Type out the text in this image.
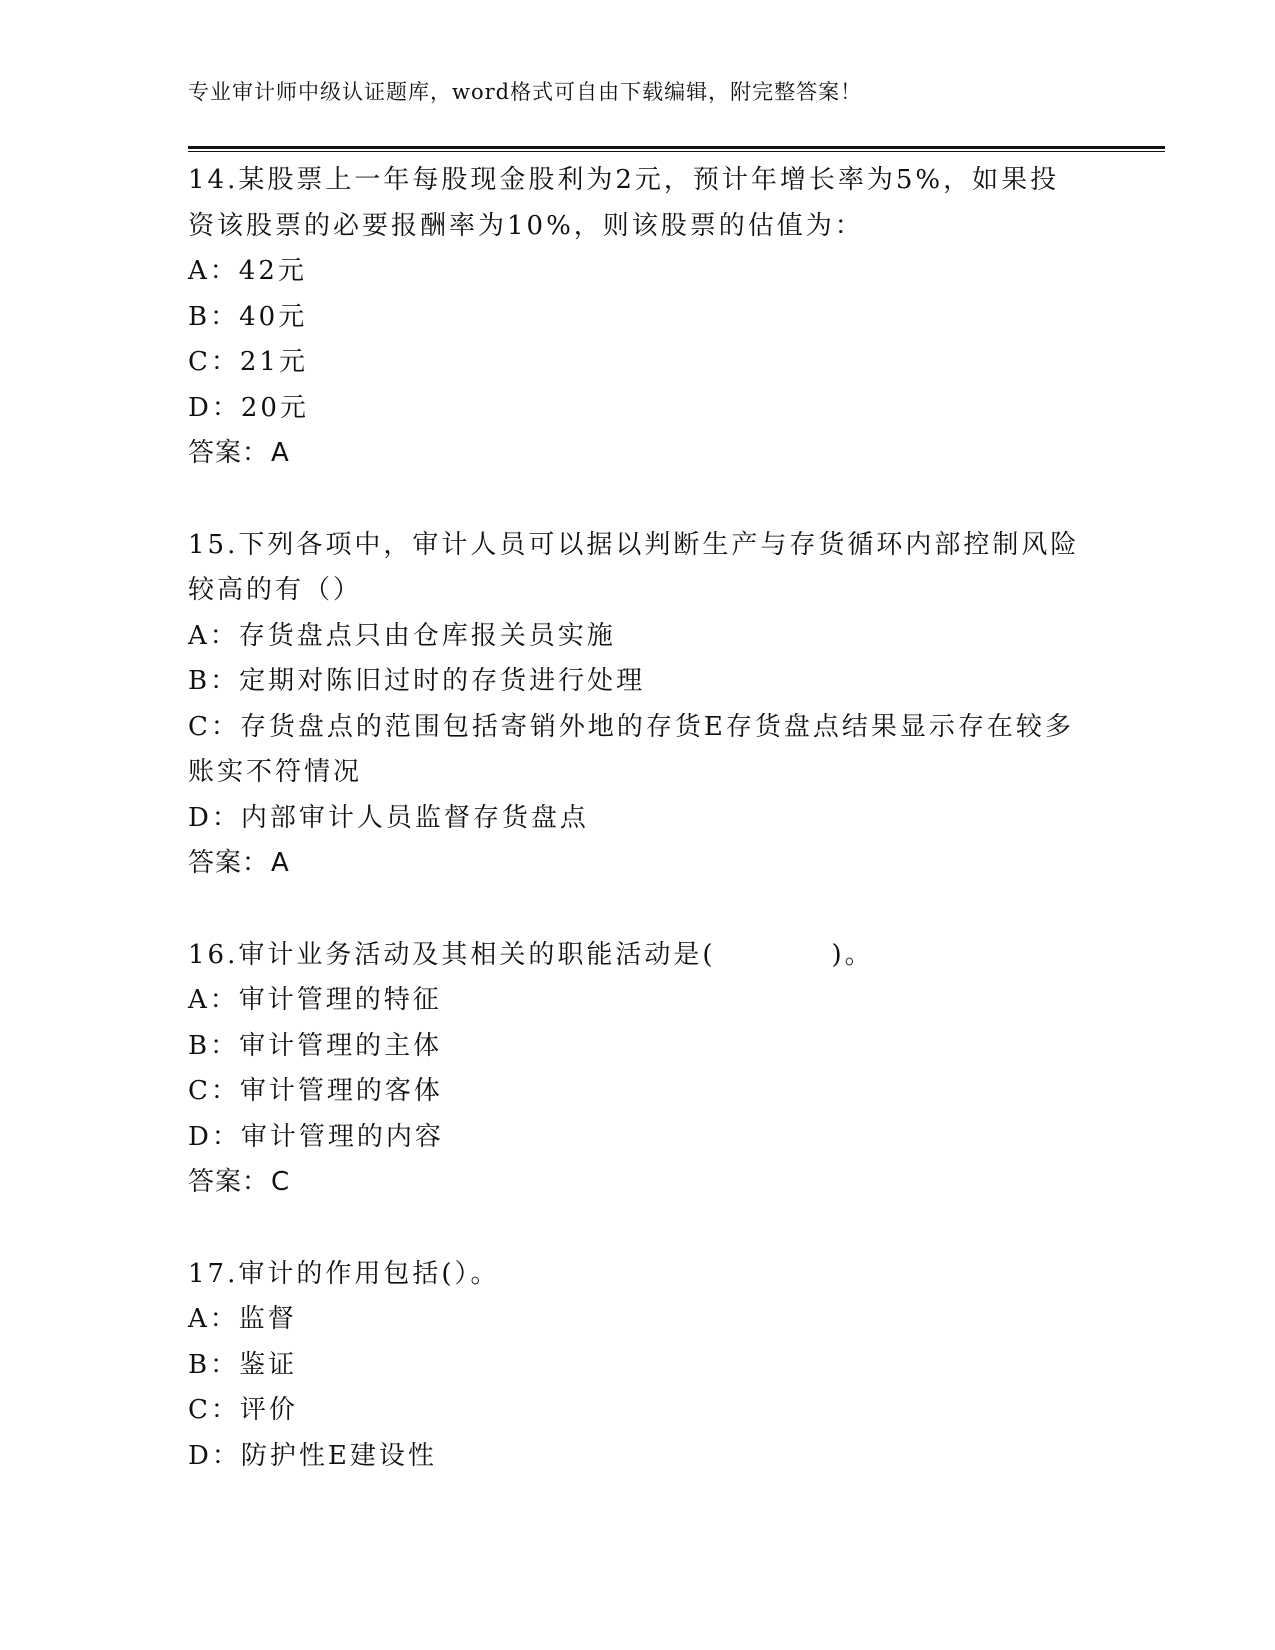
专业审计师中级认证题库，word格式可自由下载编辑，附完整答案！
14.某股票上一年每股现金股利为2元，预计年增长率为5%，如果投资该股票的必要报酬率为10%，则该股票的估值为：
A：42元
B：40元
C：21元
D：20元
答案：A
15.下列各项中，审计人员可以据以判断生产与存货循环内部控制风险较高的有（）
A：存货盘点只由仓库报关员实施
B：定期对陈旧过时的存货进行处理
C：存货盘点的范围包括寄销外地的存货E存货盘点结果显示存在较多账实不符情况
D：内部审计人员监督存货盘点
答案：A
16.审计业务活动及其相关的职能活动是(　　　　)。
A：审计管理的特征
B：审计管理的主体
C：审计管理的客体
D：审计管理的内容
答案：C
17.审计的作用包括(）。
A：监督
B：鉴证
C：评价
D：防护性E建设性
